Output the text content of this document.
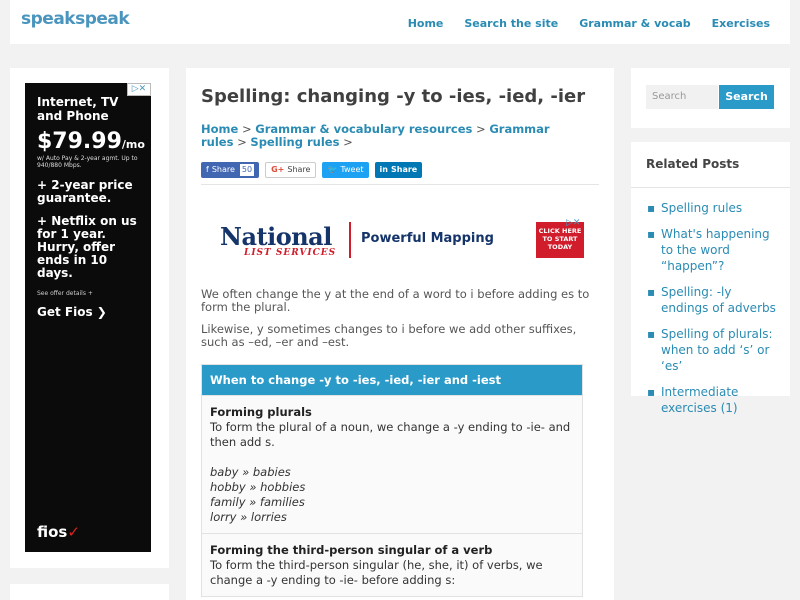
speakspeak	Home Search the site Grammar & vocab Exercises
Internet, TV and Phone
$79.99/mo
w/ Auto Pay & 2-year agmt. Up to 940/880 Mbps.
+ 2-year price guarantee.
+ Netflix on us for 1 year. Hurry, offer ends in 10 days.
See offer details +
Get Fios ❯
fios✓
▷✕	Spelling: changing -y to -ies, -ied, -ier
Home > Grammar & vocabulary resources > Grammar rules > Spelling rules >
f Share 50 G+ Share 🐦 Tweet in Share
National
LIST SERVICES
Powerful Mapping	CLICK HERE TO START TODAY
▷✕

We often change the y at the end of a word to i before adding es to form the plural.

Likewise, y sometimes changes to i before we add other suffixes, such as –ed, –er and –est.

When to change -y to -ies, -ied, -ier and -iest
Forming plurals
To form the plural of a noun, we change a -y ending to -ie- and then add s.
baby » babies
hobby » hobbies
family » families
lorry » lorries
Forming the third-person singular of a verb
To form the third-person singular (he, she, it) of verbs, we change a -y ending to -ie- before adding s:
Search	Search
Related Posts
▪ Spelling rules
▪ What's happening to the word “happen”?
▪ Spelling: -ly endings of adverbs
▪ Spelling of plurals: when to add ‘s’ or ‘es’
▪ Intermediate exercises (1)
